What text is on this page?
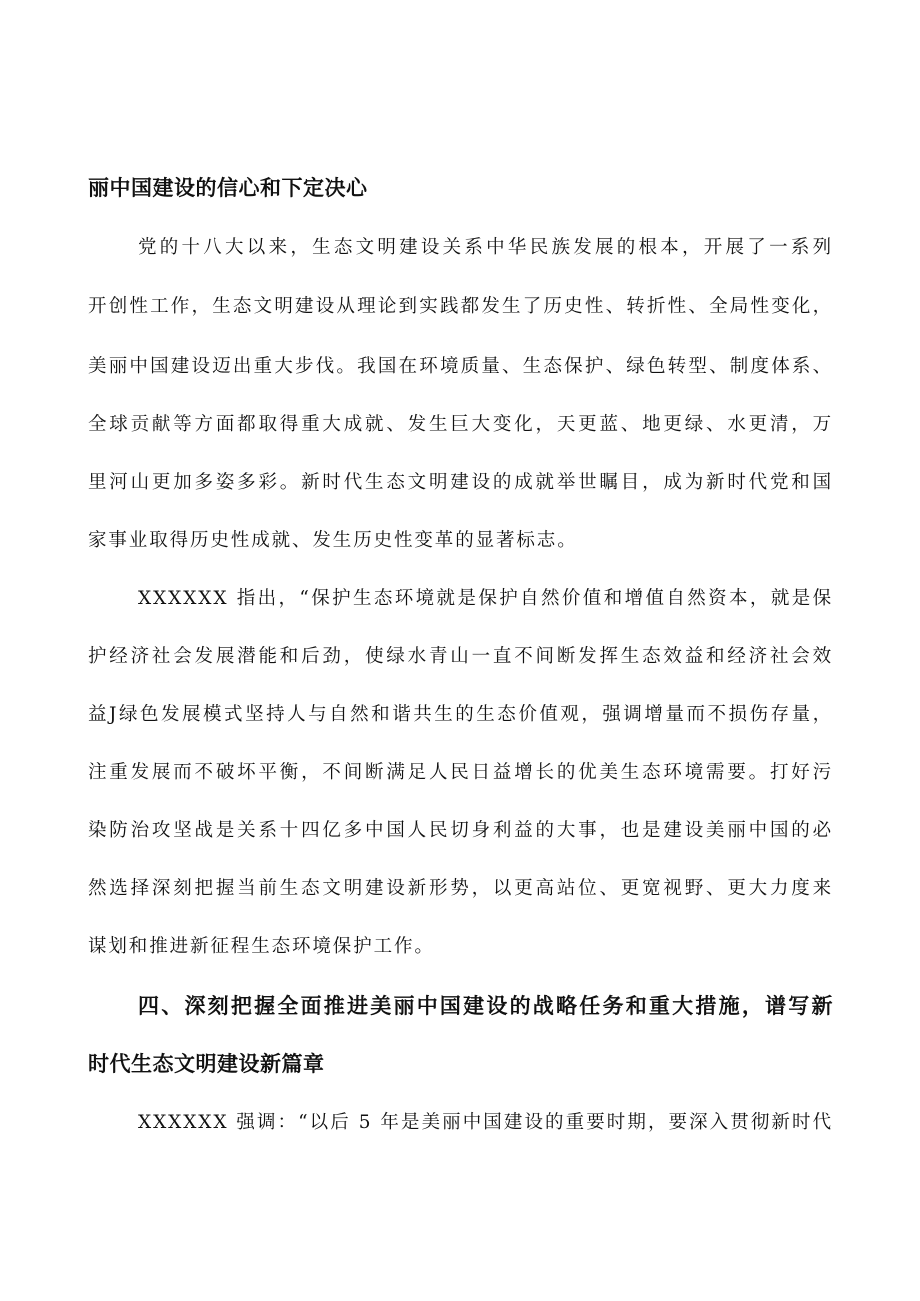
丽中国建设的信心和下定决心
党的十八大以来，生态文明建设关系中华民族发展的根本，开展了一系列
开创性工作，生态文明建设从理论到实践都发生了历史性、转折性、全局性变化，
美丽中国建设迈出重大步伐。我国在环境质量、生态保护、绿色转型、制度体系、
全球贡献等方面都取得重大成就、发生巨大变化，天更蓝、地更绿、水更清，万
里河山更加多姿多彩。新时代生态文明建设的成就举世瞩目，成为新时代党和国
家事业取得历史性成就、发生历史性变革的显著标志。
XXXXXX 指出，“保护生态环境就是保护自然价值和增值自然资本，就是保
护经济社会发展潜能和后劲，使绿水青山一直不间断发挥生态效益和经济社会效
益J绿色发展模式坚持人与自然和谐共生的生态价值观，强调增量而不损伤存量，
注重发展而不破坏平衡，不间断满足人民日益增长的优美生态环境需要。打好污
染防治攻坚战是关系十四亿多中国人民切身利益的大事，也是建设美丽中国的必
然选择深刻把握当前生态文明建设新形势，以更高站位、更宽视野、更大力度来
谋划和推进新征程生态环境保护工作。
四、深刻把握全面推进美丽中国建设的战略任务和重大措施，谱写新
时代生态文明建设新篇章
XXXXXX 强调：“以后 5 年是美丽中国建设的重要时期，要深入贯彻新时代
